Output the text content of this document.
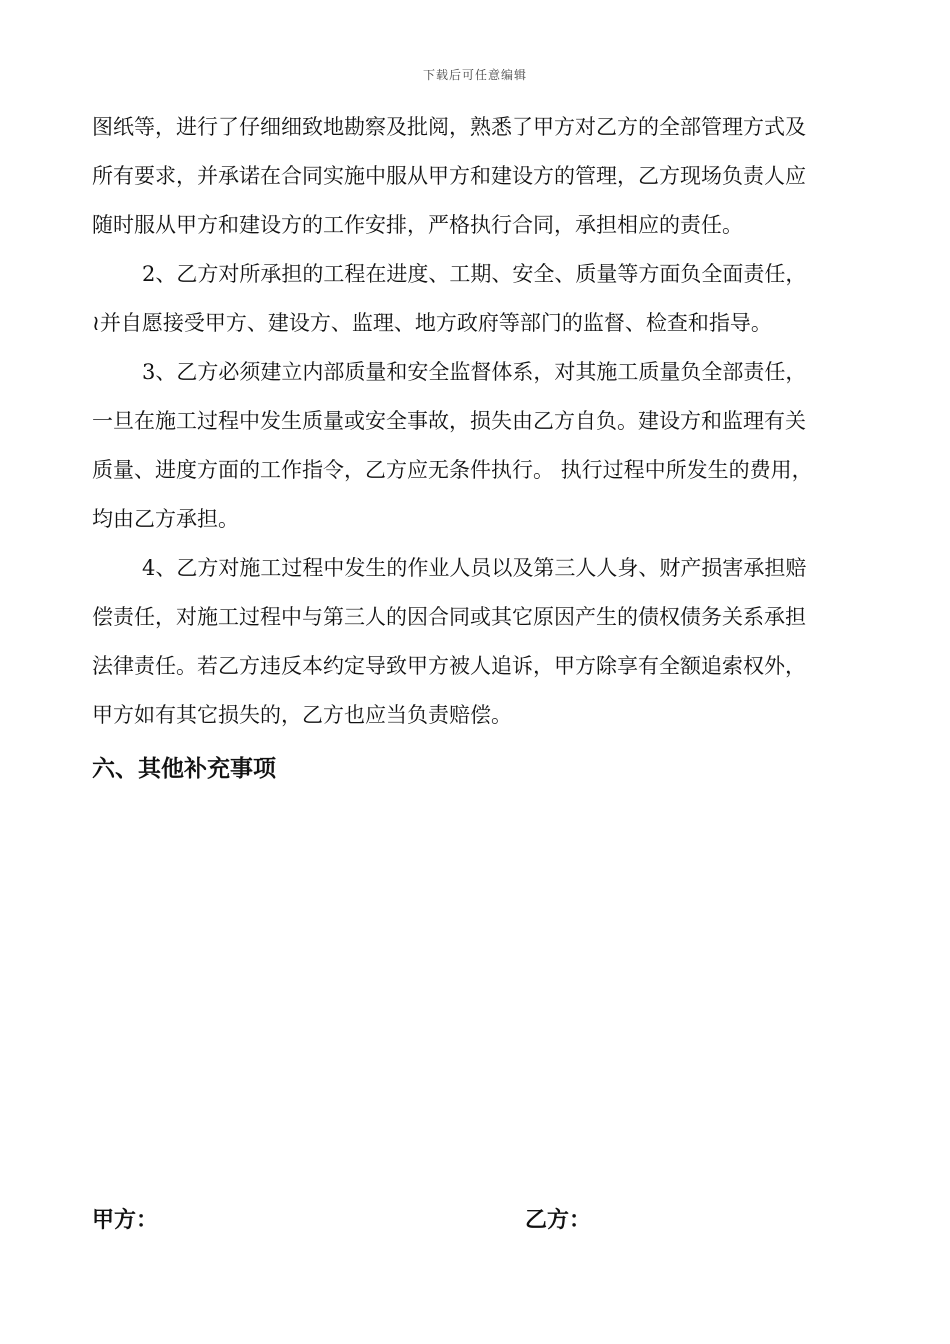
下载后可任意编辑
图纸等，进行了仔细细致地勘察及批阅，熟悉了甲方对乙方的全部管理方式及
所有要求，并承诺在合同实施中服从甲方和建设方的管理，乙方现场负责人应
随时服从甲方和建设方的工作安排，严格执行合同，承担相应的责任。
2、乙方对所承担的工程在进度、工期、安全、质量等方面负全面责任，
≀并自愿接受甲方、建设方、监理、地方政府等部门的监督、检查和指导。
3、乙方必须建立内部质量和安全监督体系，对其施工质量负全部责任，
一旦在施工过程中发生质量或安全事故，损失由乙方自负。建设方和监理有关
质量、进度方面的工作指令，乙方应无条件执行。 执行过程中所发生的费用，
均由乙方承担。
4、乙方对施工过程中发生的作业人员以及第三人人身、财产损害承担赔
偿责任，对施工过程中与第三人的因合同或其它原因产生的债权债务关系承担
法律责任。若乙方违反本约定导致甲方被人追诉，甲方除享有全额追索权外，
甲方如有其它损失的，乙方也应当负责赔偿。
六、其他补充事项
甲方：	乙方：
